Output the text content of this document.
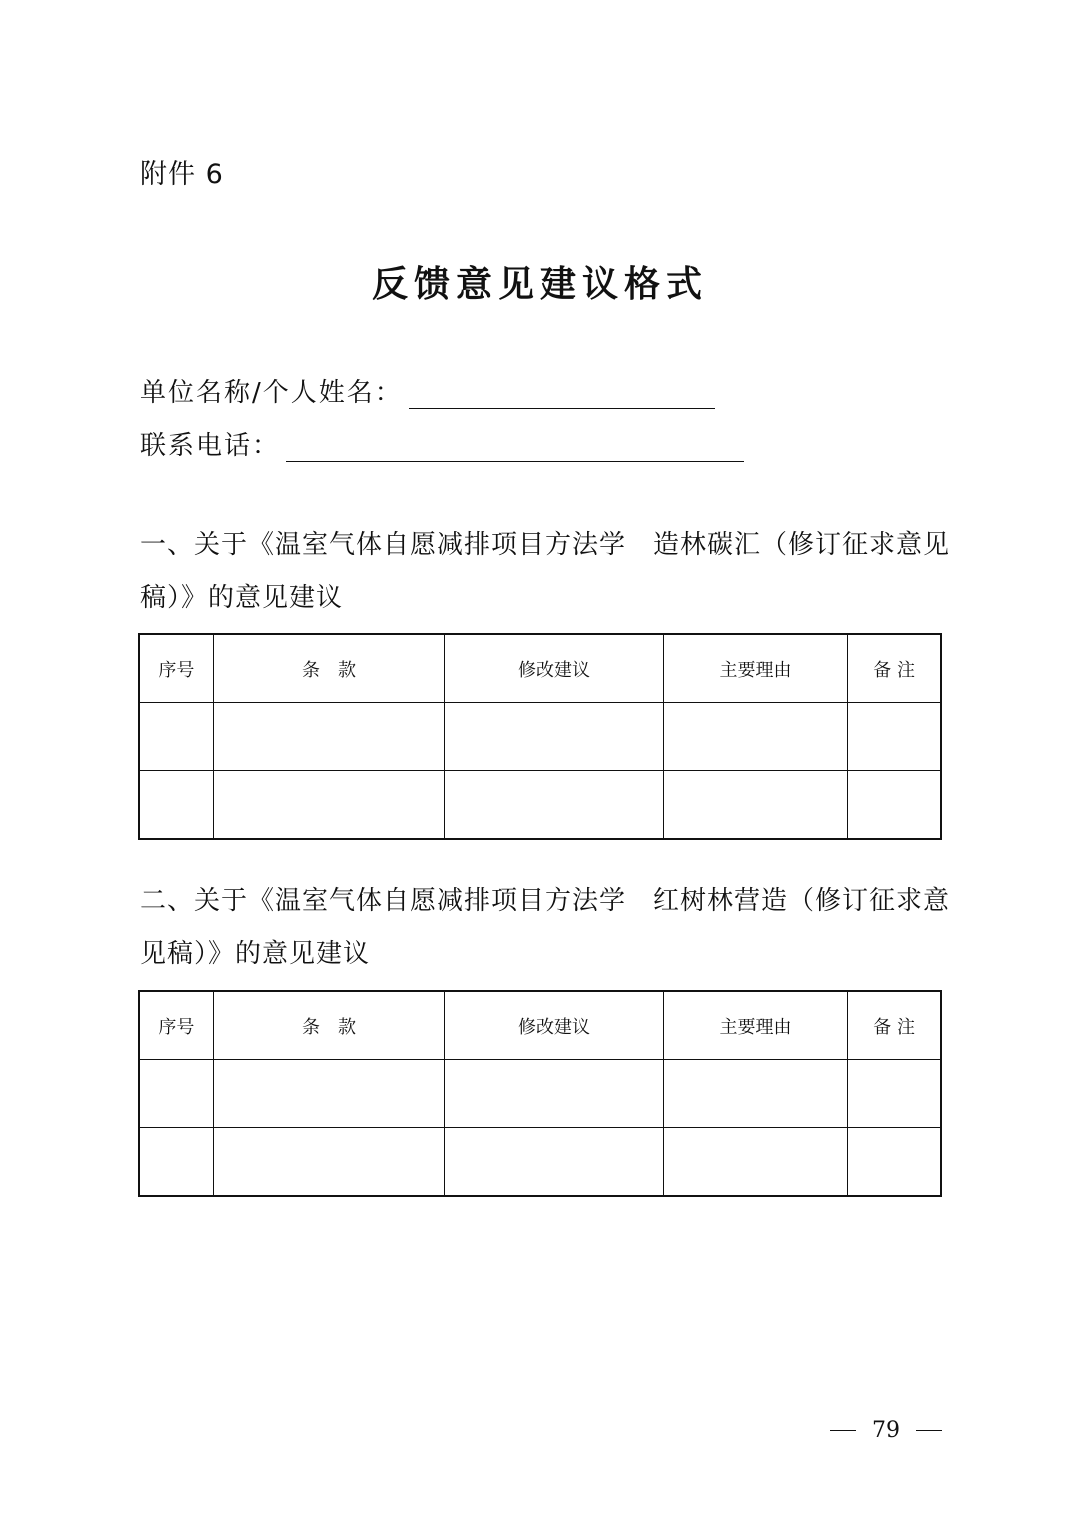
附件 6
反馈意见建议格式
单位名称/个人姓名：
联系电话：
一、关于《温室气体自愿减排项目方法学　造林碳汇（修订征求意见稿）》的意见建议
序号	条　款	修改建议	主要理由	备 注

二、关于《温室气体自愿减排项目方法学　红树林营造（修订征求意见稿）》的意见建议
序号	条　款	修改建议	主要理由	备 注

79
